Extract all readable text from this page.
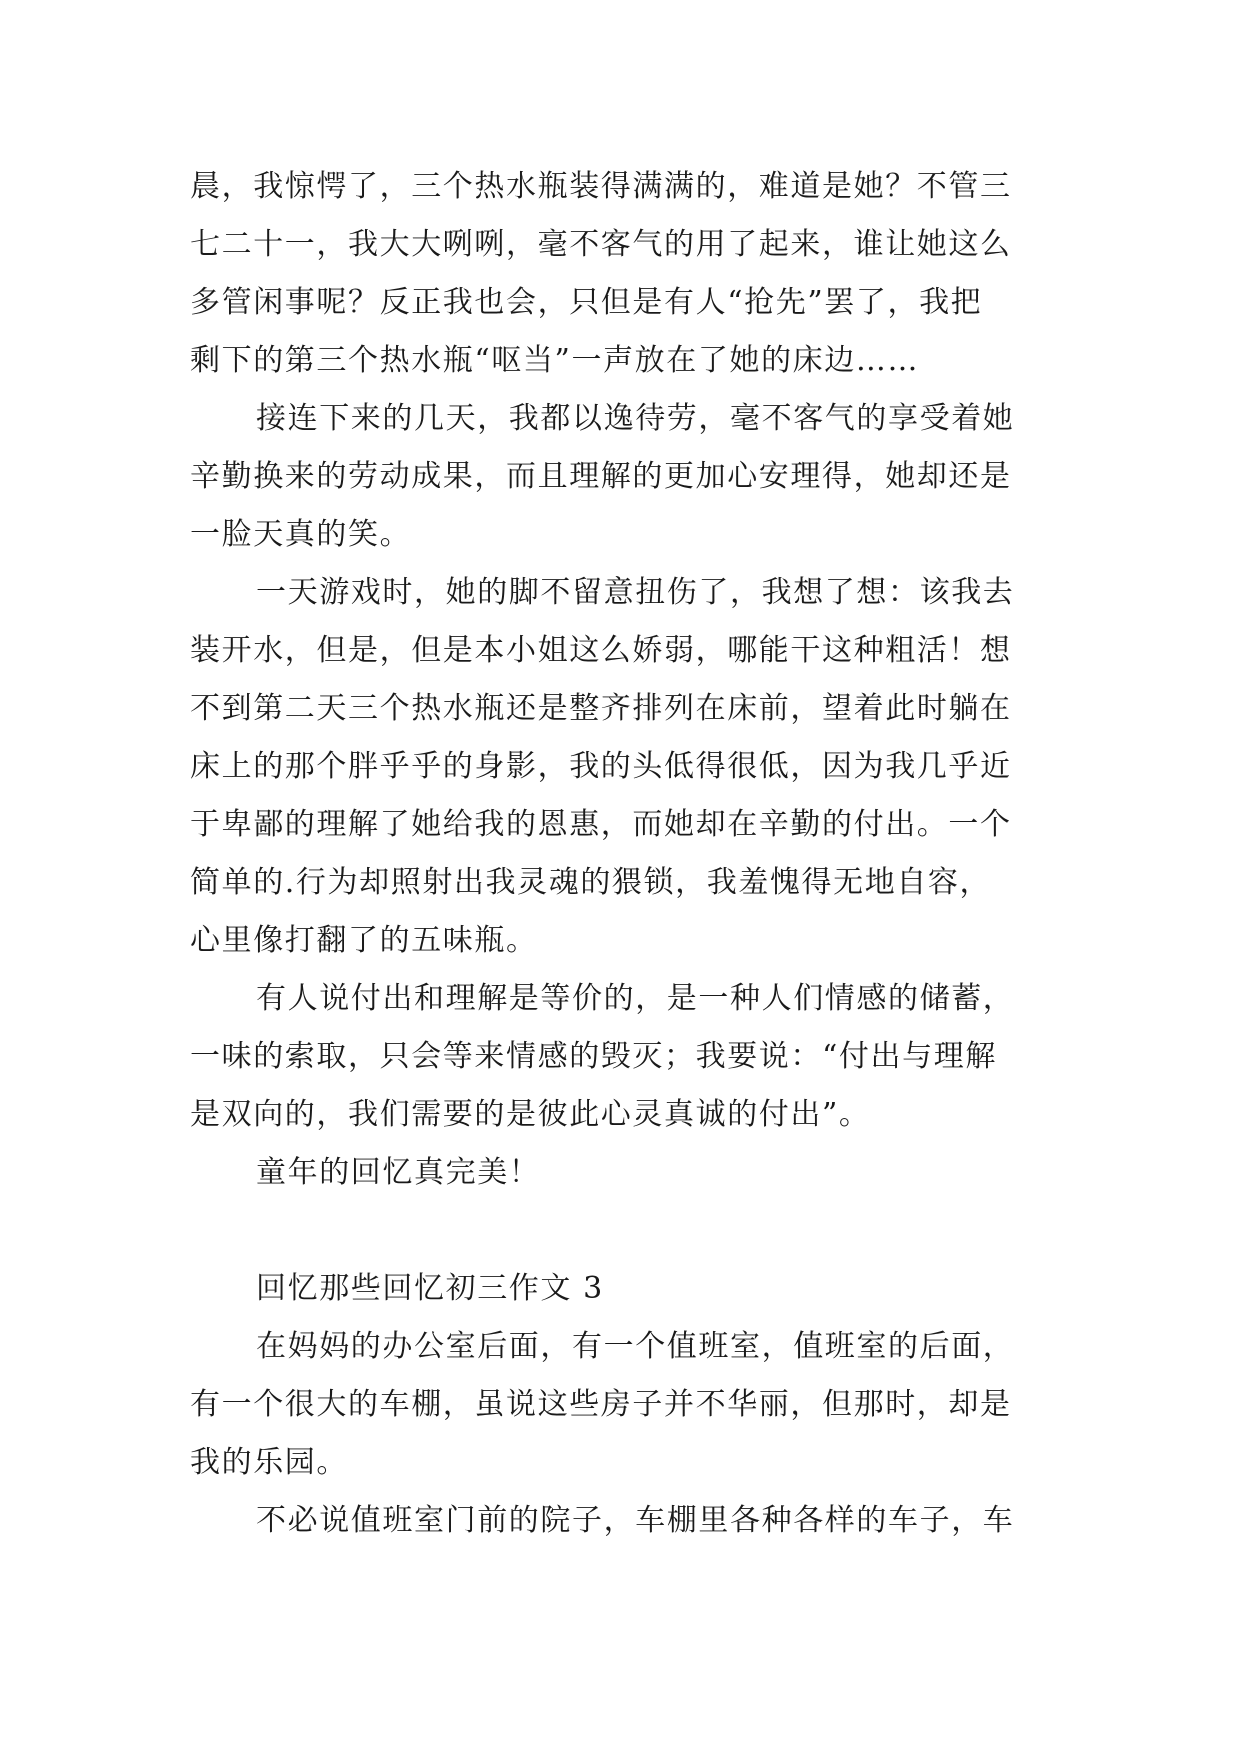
晨，我惊愕了，三个热水瓶装得满满的，难道是她？不管三
七二十一，我大大咧咧，毫不客气的用了起来，谁让她这么
多管闲事呢？反正我也会，只但是有人“抢先”罢了，我把
剩下的第三个热水瓶“呕当”一声放在了她的床边……

接连下来的几天，我都以逸待劳，毫不客气的享受着她
辛勤换来的劳动成果，而且理解的更加心安理得，她却还是
一脸天真的笑。

一天游戏时，她的脚不留意扭伤了，我想了想：该我去
装开水，但是，但是本小姐这么娇弱，哪能干这种粗活！想
不到第二天三个热水瓶还是整齐排列在床前，望着此时躺在
床上的那个胖乎乎的身影，我的头低得很低，因为我几乎近
于卑鄙的理解了她给我的恩惠，而她却在辛勤的付出。一个
简单的.行为却照射出我灵魂的猥锁，我羞愧得无地自容，
心里像打翻了的五味瓶。

有人说付出和理解是等价的，是一种人们情感的储蓄，
一味的索取，只会等来情感的毁灭；我要说：“付出与理解
是双向的，我们需要的是彼此心灵真诚的付出”。

童年的回忆真完美！

回忆那些回忆初三作文 3

在妈妈的办公室后面，有一个值班室，值班室的后面，
有一个很大的车棚，虽说这些房子并不华丽，但那时，却是
我的乐园。

不必说值班室门前的院子，车棚里各种各样的车子，车
